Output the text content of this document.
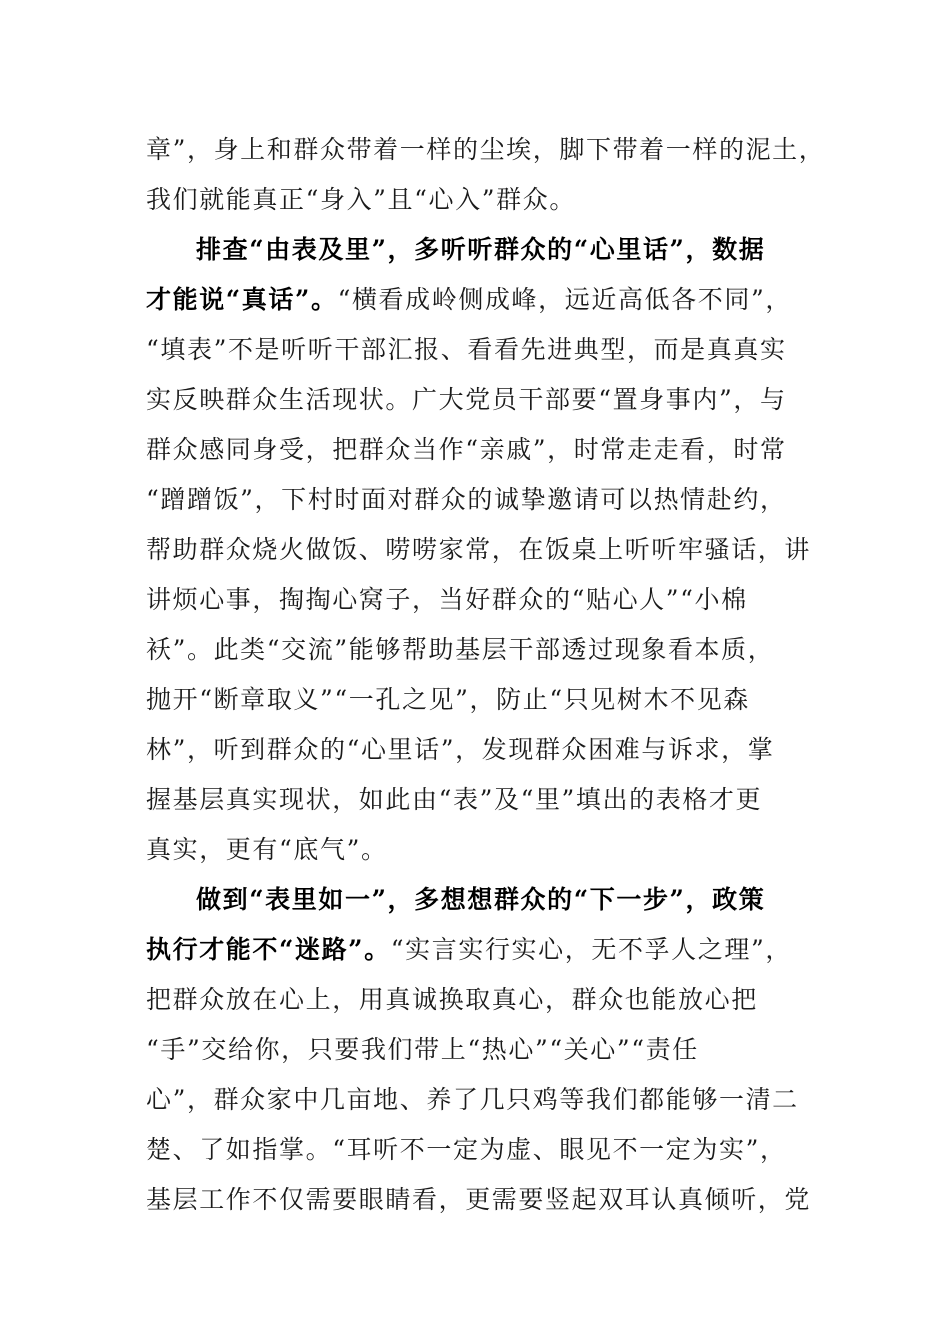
章”，身上和群众带着一样的尘埃，脚下带着一样的泥土，
我们就能真正“身入”且“心入”群众。
排查“由表及里”，多听听群众的“心里话”，数据
才能说“真话”。“横看成岭侧成峰，远近高低各不同”，
“填表”不是听听干部汇报、看看先进典型，而是真真实
实反映群众生活现状。广大党员干部要“置身事内”，与
群众感同身受，把群众当作“亲戚”，时常走走看，时常
“蹭蹭饭”，下村时面对群众的诚挚邀请可以热情赴约，
帮助群众烧火做饭、唠唠家常，在饭桌上听听牢骚话，讲
讲烦心事，掏掏心窝子，当好群众的“贴心人”“小棉
袄”。此类“交流”能够帮助基层干部透过现象看本质，
抛开“断章取义”“一孔之见”，防止“只见树木不见森
林”，听到群众的“心里话”，发现群众困难与诉求，掌
握基层真实现状，如此由“表”及“里”填出的表格才更
真实，更有“底气”。
做到“表里如一”，多想想群众的“下一步”，政策
执行才能不“迷路”。“实言实行实心，无不孚人之理”，
把群众放在心上，用真诚换取真心，群众也能放心把
“手”交给你，只要我们带上“热心”“关心”“责任
心”，群众家中几亩地、养了几只鸡等我们都能够一清二
楚、了如指掌。“耳听不一定为虚、眼见不一定为实”，
基层工作不仅需要眼睛看，更需要竖起双耳认真倾听，党
